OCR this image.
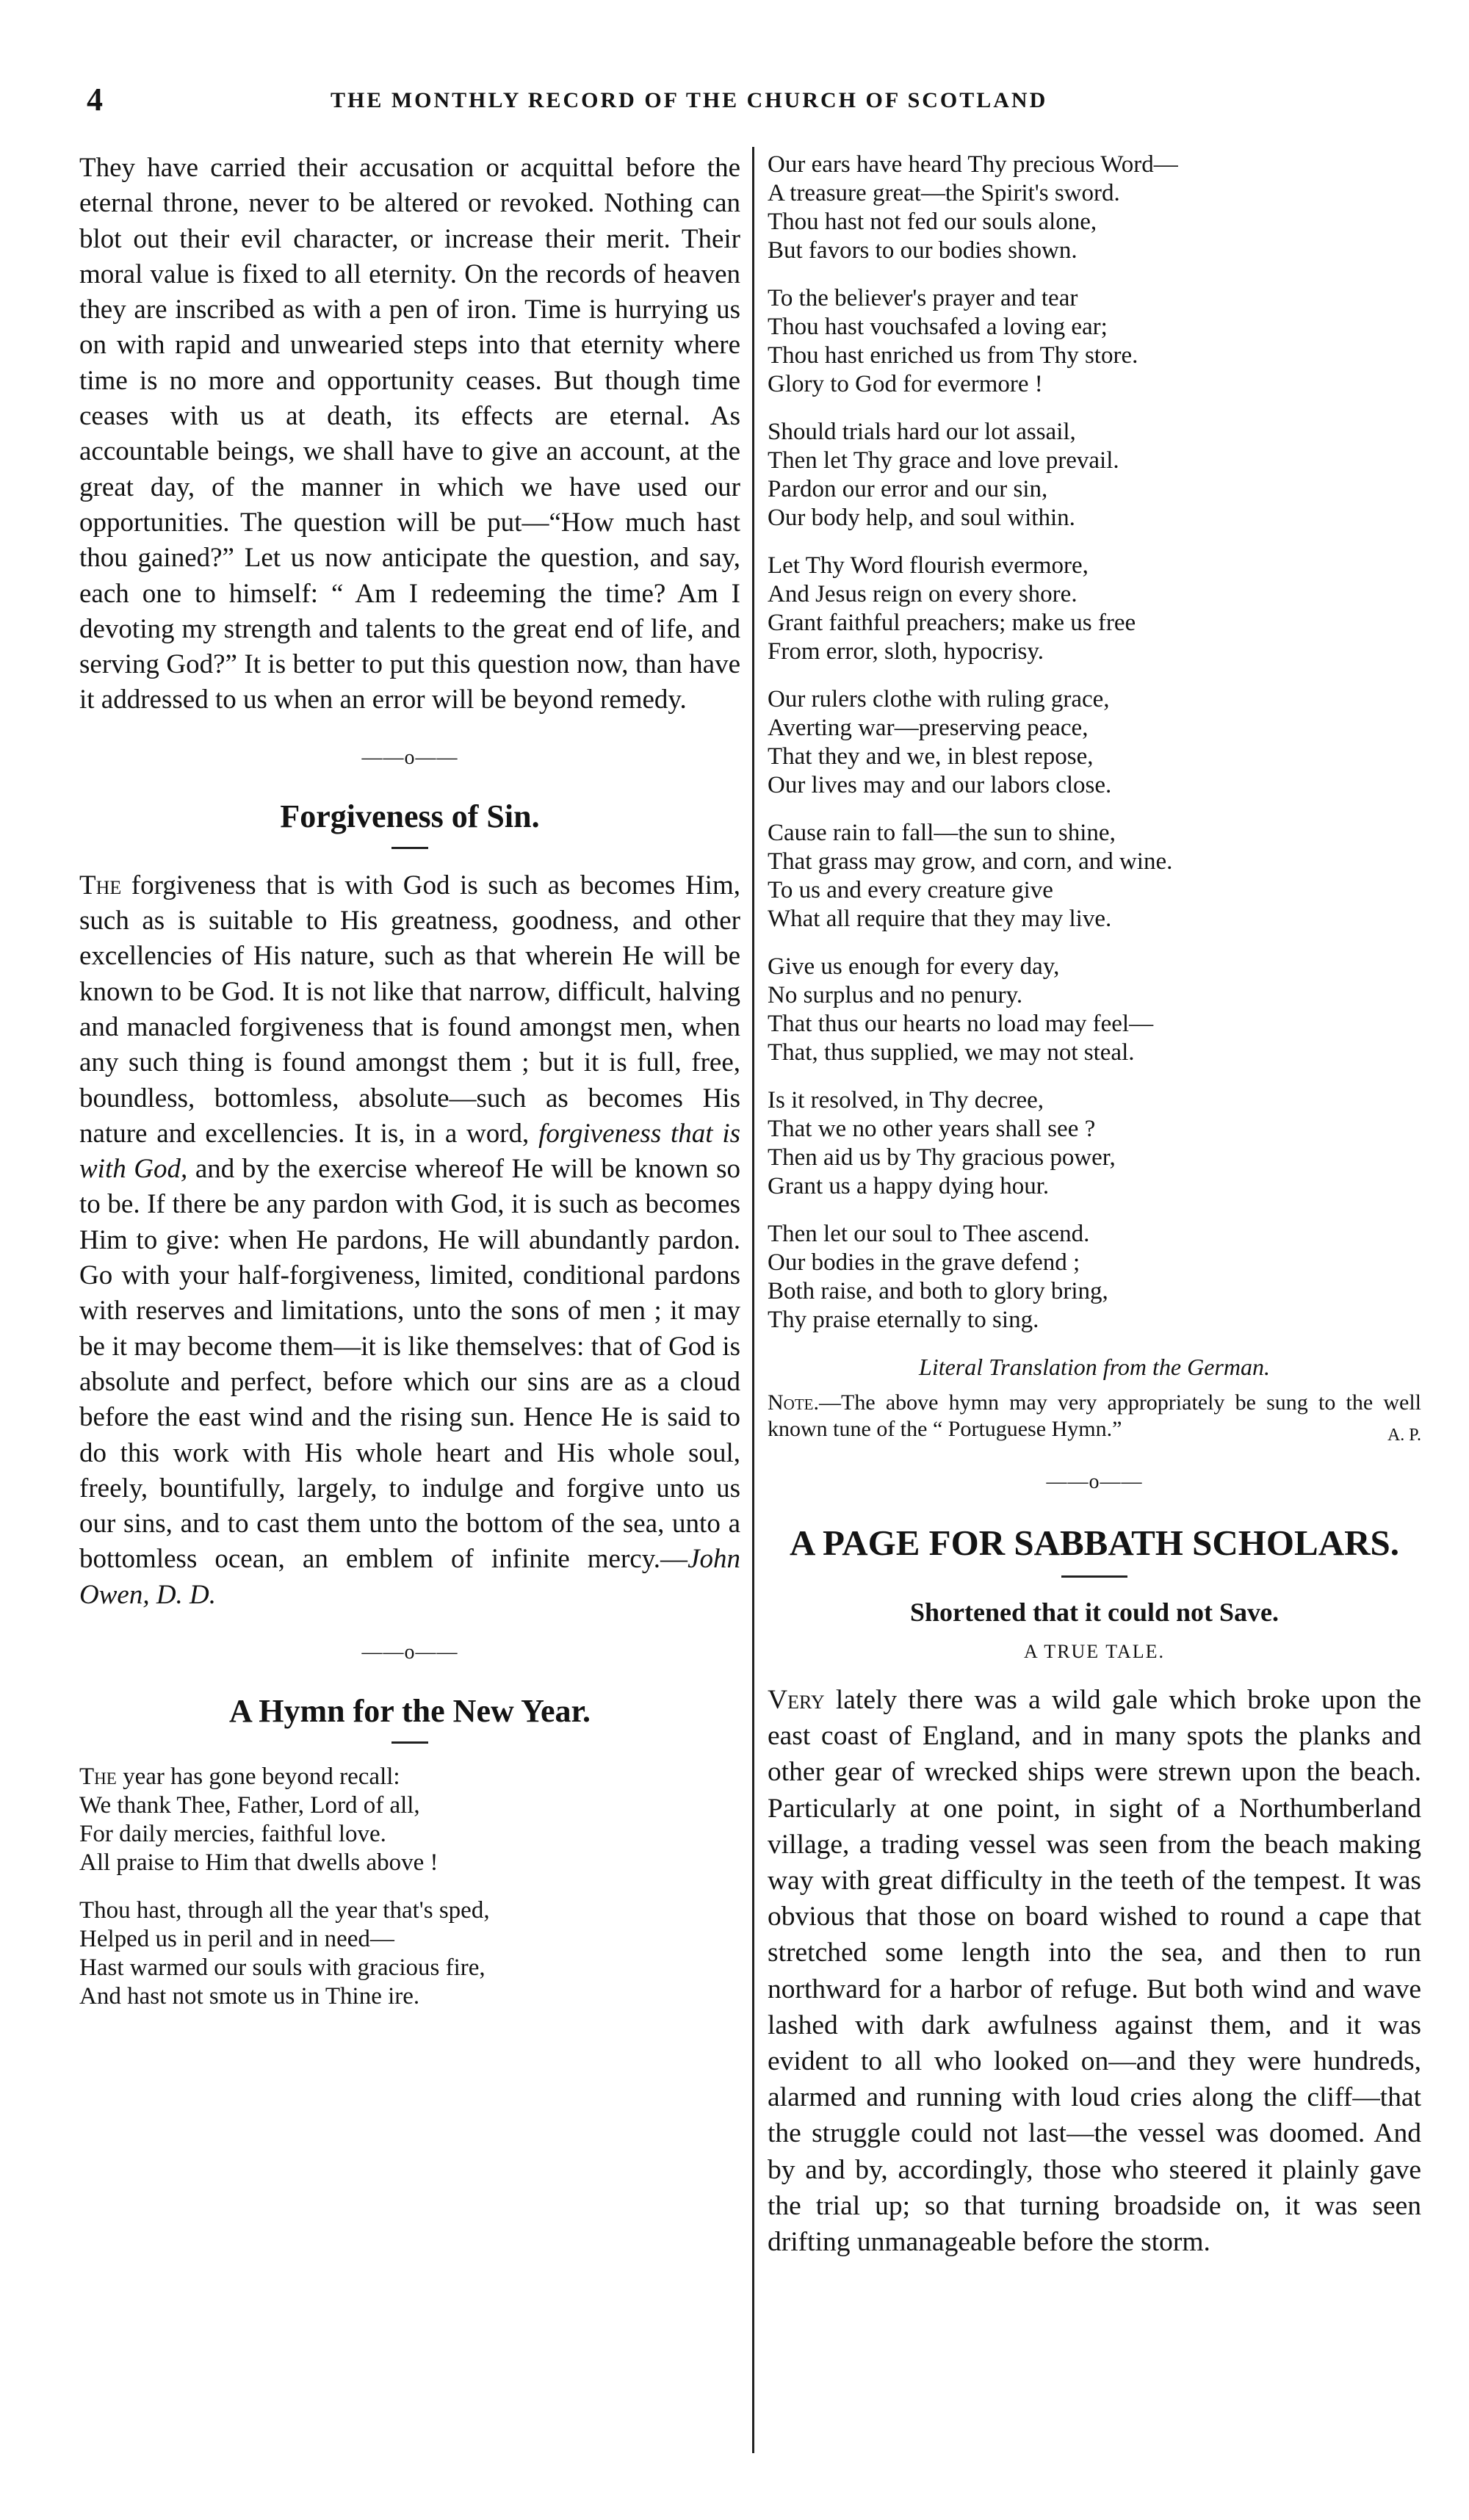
4	THE MONTHLY RECORD OF THE CHURCH OF SCOTLAND

They have carried their accusation or acquittal before the eternal throne, never to be altered or revoked. Nothing can blot out their evil character, or increase their merit. Their moral value is fixed to all eternity. On the records of heaven they are inscribed as with a pen of iron. Time is hurrying us on with rapid and unwearied steps into that eternity where time is no more and opportunity ceases. But though time ceases with us at death, its effects are eternal. As accountable beings, we shall have to give an account, at the great day, of the manner in which we have used our opportunities. The question will be put—“How much hast thou gained?” Let us now anticipate the question, and say, each one to himself: “ Am I redeeming the time? Am I devoting my strength and talents to the great end of life, and serving God?” It is better to put this question now, than have it addressed to us when an error will be beyond remedy.

——o——
Forgiveness of Sin.

The forgiveness that is with God is such as becomes Him, such as is suitable to His greatness, goodness, and other excellencies of His nature, such as that wherein He will be known to be God. It is not like that narrow, difficult, halving and manacled forgiveness that is found amongst men, when any such thing is found amongst them ; but it is full, free, boundless, bottomless, absolute—such as becomes His nature and excellencies. It is, in a word, forgiveness that is with God, and by the exercise whereof He will be known so to be. If there be any pardon with God, it is such as becomes Him to give: when He pardons, He will abundantly pardon. Go with your half-forgiveness, limited, conditional pardons with reserves and limitations, unto the sons of men ; it may be it may become them—it is like themselves: that of God is absolute and perfect, before which our sins are as a cloud before the east wind and the rising sun. Hence He is said to do this work with His whole heart and His whole soul, freely, bountifully, largely, to indulge and forgive unto us our sins, and to cast them unto the bottom of the sea, unto a bottomless ocean, an emblem of infinite mercy.—John Owen, D. D.

——o——
A Hymn for the New Year.
The year has gone beyond recall:
We thank Thee, Father, Lord of all,
For daily mercies, faithful love.
All praise to Him that dwells above !
Thou hast, through all the year that's sped,
Helped us in peril and in need—
Hast warmed our souls with gracious fire,
And hast not smote us in Thine ire.
Our ears have heard Thy precious Word—
A treasure great—the Spirit's sword.
Thou hast not fed our souls alone,
But favors to our bodies shown.
To the believer's prayer and tear
Thou hast vouchsafed a loving ear;
Thou hast enriched us from Thy store.
Glory to God for evermore !
Should trials hard our lot assail,
Then let Thy grace and love prevail.
Pardon our error and our sin,
Our body help, and soul within.
Let Thy Word flourish evermore,
And Jesus reign on every shore.
Grant faithful preachers; make us free
From error, sloth, hypocrisy.
Our rulers clothe with ruling grace,
Averting war—preserving peace,
That they and we, in blest repose,
Our lives may and our labors close.
Cause rain to fall—the sun to shine,
That grass may grow, and corn, and wine.
To us and every creature give
What all require that they may live.
Give us enough for every day,
No surplus and no penury.
That thus our hearts no load may feel—
That, thus supplied, we may not steal.
Is it resolved, in Thy decree,
That we no other years shall see ?
Then aid us by Thy gracious power,
Grant us a happy dying hour.
Then let our soul to Thee ascend.
Our bodies in the grave defend ;
Both raise, and both to glory bring,
Thy praise eternally to sing.
Literal Translation from the German.

Note.—The above hymn may very appropriately be sung to the well known tune of the “ Portuguese Hymn.”	A. P.

——o——
A PAGE FOR SABBATH SCHOLARS.
Shortened that it could not Save.
A TRUE TALE.

Very lately there was a wild gale which broke upon the east coast of England, and in many spots the planks and other gear of wrecked ships were strewn upon the beach. Particularly at one point, in sight of a Northumberland village, a trading vessel was seen from the beach making way with great difficulty in the teeth of the tempest. It was obvious that those on board wished to round a cape that stretched some length into the sea, and then to run northward for a harbor of refuge. But both wind and wave lashed with dark awfulness against them, and it was evident to all who looked on—and they were hundreds, alarmed and running with loud cries along the cliff—that the struggle could not last—the vessel was doomed. And by and by, accordingly, those who steered it plainly gave the trial up; so that turning broadside on, it was seen drifting unmanageable before the storm.
